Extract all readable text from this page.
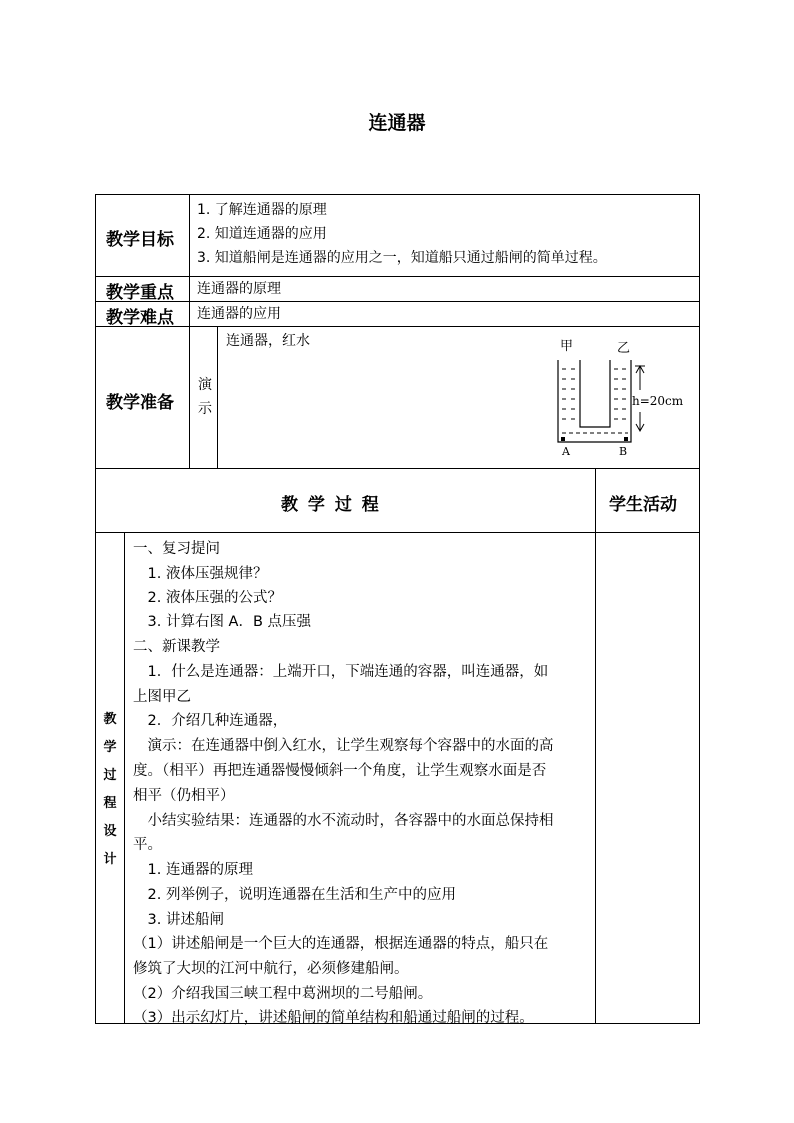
连通器
教学目标
1. 了解连通器的原理
2. 知道连通器的应用
3. 知道船闸是连通器的应用之一，知道船只通过船闸的简单过程。
教学重点 连通器的原理
教学难点 连通器的应用
教学准备
演
示
连通器，红水	甲	乙
A	B
h=20cm
教 学 过 程	学生活动
教
学
过
程
设
计
一、复习提问
　1. 液体压强规律？
　2. 液体压强的公式？
　3. 计算右图 A．B 点压强
二、新课教学
　1．什么是连通器：上端开口，下端连通的容器，叫连通器，如
上图甲乙
　2．介绍几种连通器，
　演示：在连通器中倒入红水，让学生观察每个容器中的水面的高
度。（相平）再把连通器慢慢倾斜一个角度，让学生观察水面是否
相平（仍相平）
　小结实验结果：连通器的水不流动时，各容器中的水面总保持相
平。
　1. 连通器的原理
　2. 列举例子，说明连通器在生活和生产中的应用
　3. 讲述船闸
（1）讲述船闸是一个巨大的连通器，根据连通器的特点，船只在
修筑了大坝的江河中航行，必须修建船闸。
（2）介绍我国三峡工程中葛洲坝的二号船闸。
（3）出示幻灯片，讲述船闸的简单结构和船通过船闸的过程。
